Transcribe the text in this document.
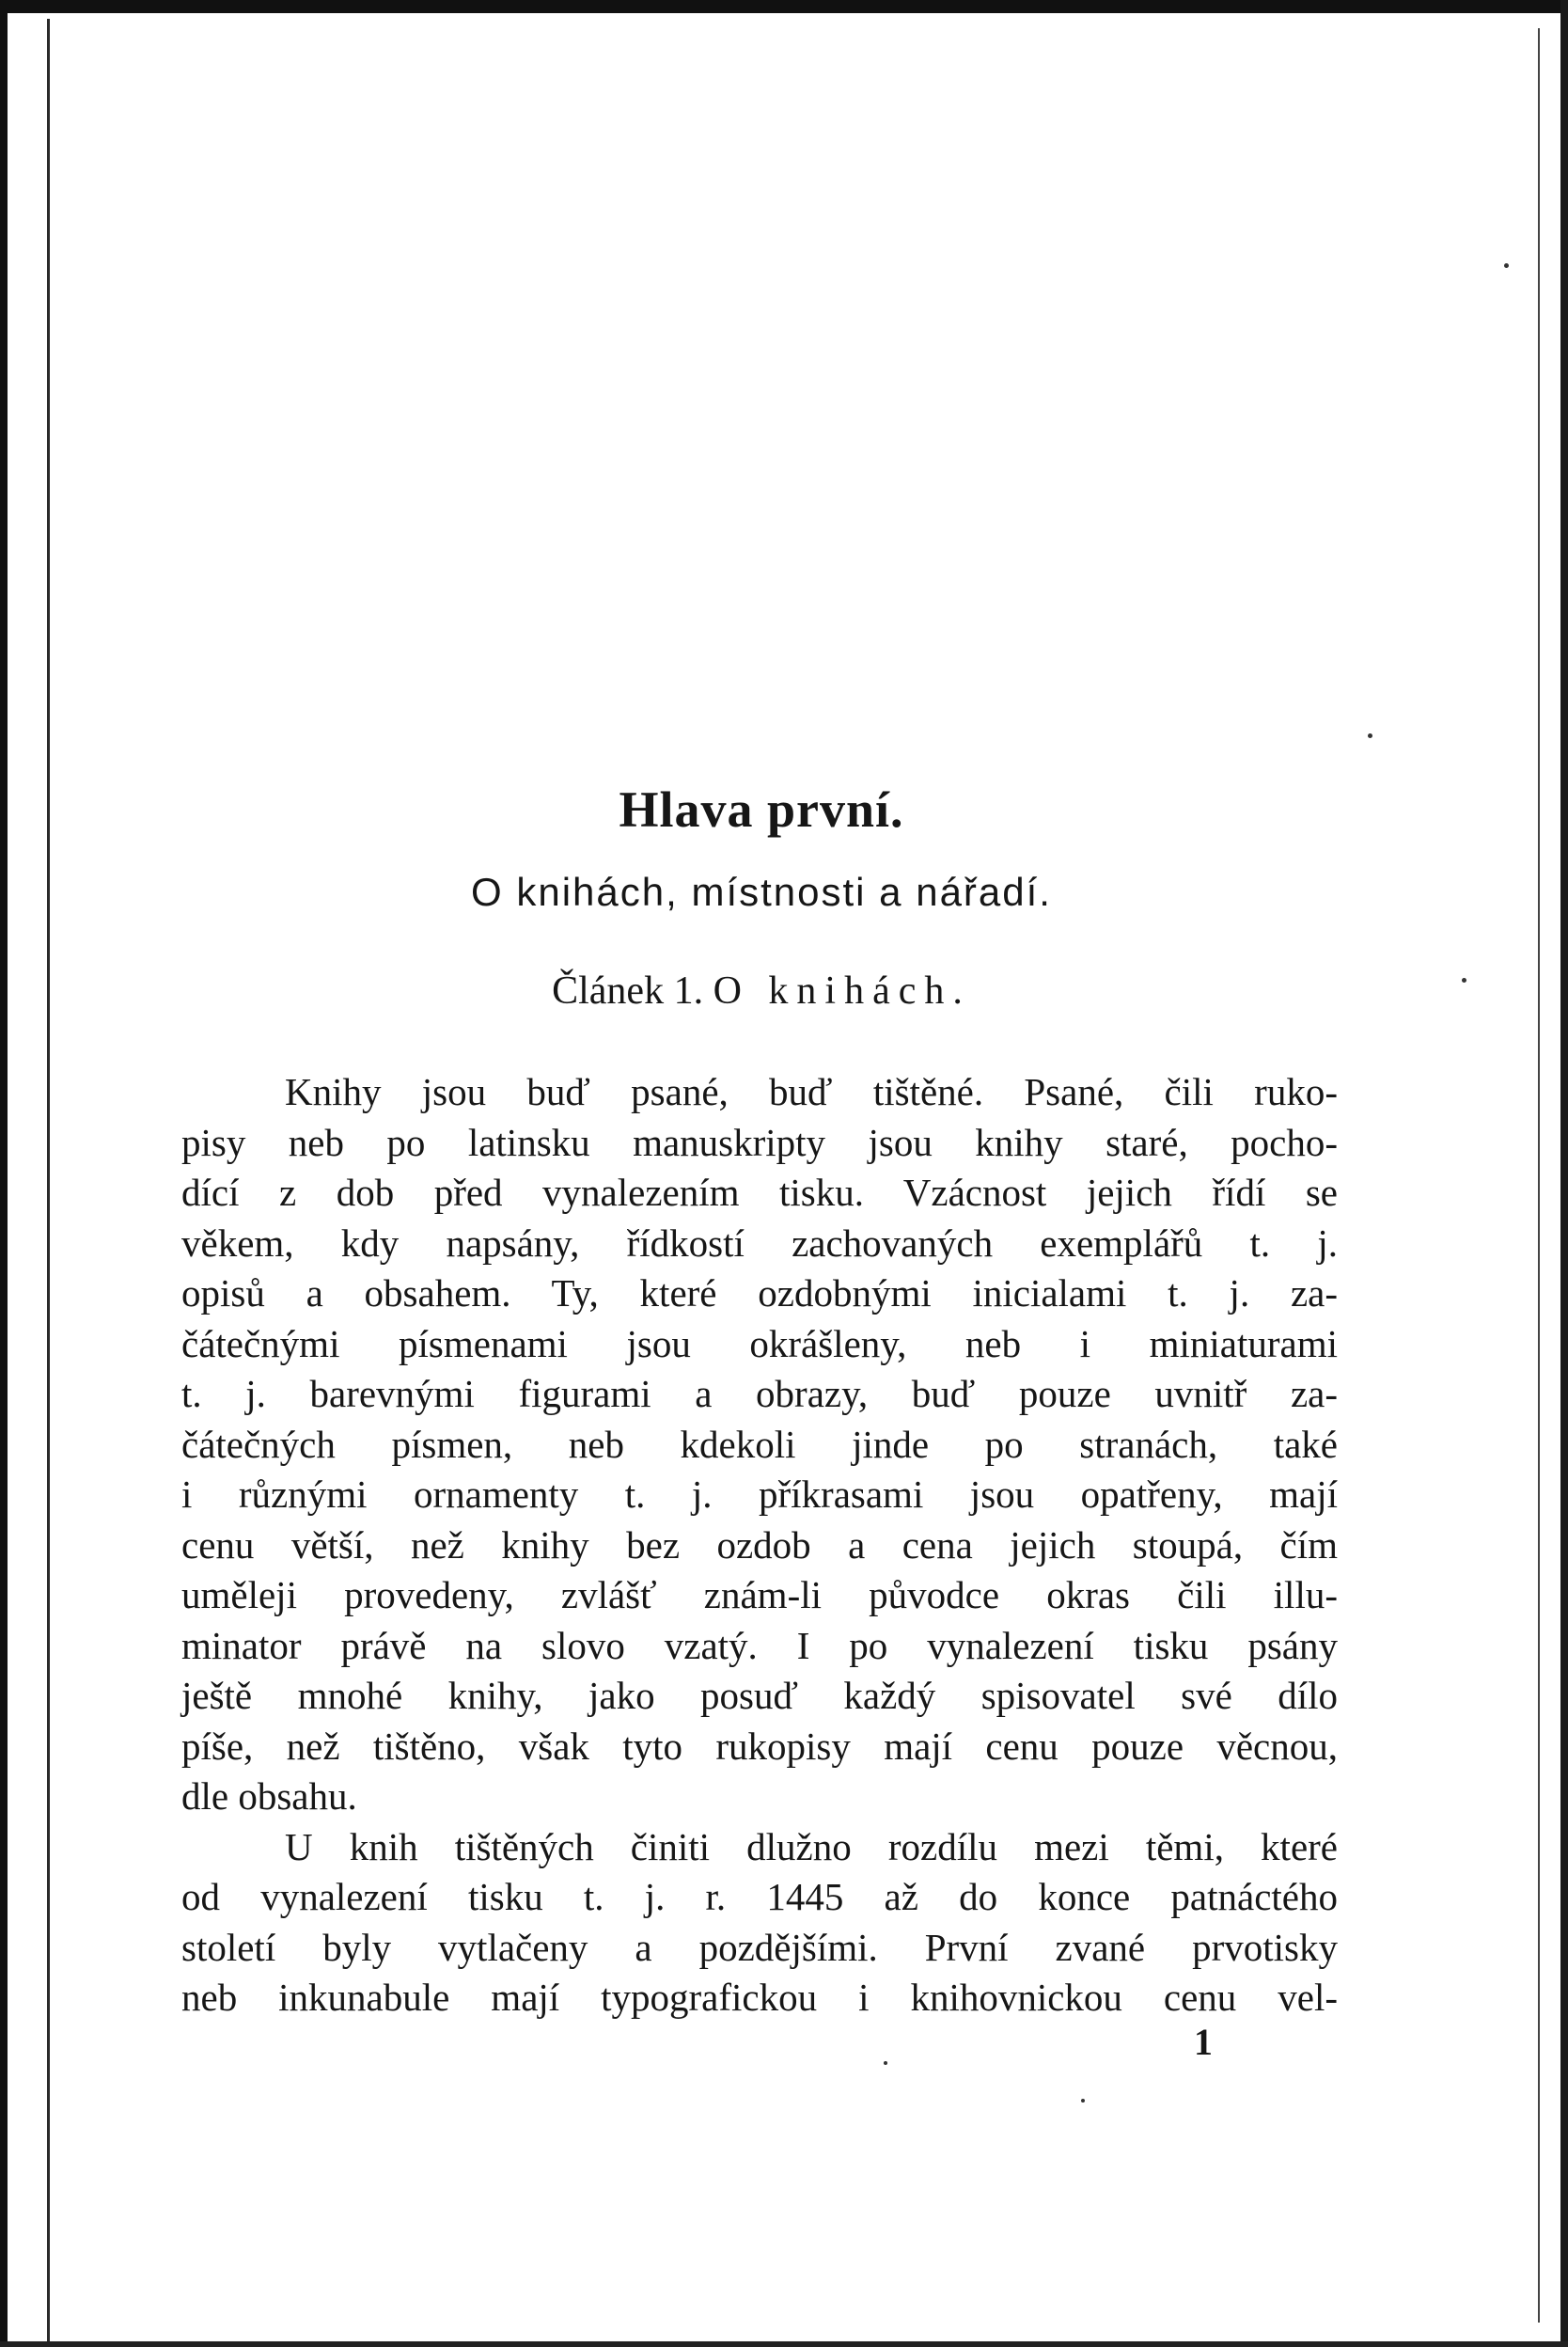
Hlava první.
O knihách, místnosti a nářadí.
Článek 1. O knihách.
Knihy jsou buď psané, buď tištěné. Psané, čili ruko-
pisy neb po latinsku manuskripty jsou knihy staré, pocho-
dící z dob před vynalezením tisku. Vzácnost jejich řídí se
věkem, kdy napsány, řídkostí zachovaných exemplářů t. j.
opisů a obsahem. Ty, které ozdobnými inicialami t. j. za-
čátečnými písmenami jsou okrášleny, neb i miniaturami
t. j. barevnými figurami a obrazy, buď pouze uvnitř za-
čátečných písmen, neb kdekoli jinde po stranách, také
i různými ornamenty t. j. příkrasami jsou opatřeny, mají
cenu větší, než knihy bez ozdob a cena jejich stoupá, čím
uměleji provedeny, zvlášť znám-li původce okras čili illu-
minator právě na slovo vzatý. I po vynalezení tisku psány
ještě mnohé knihy, jako posuď každý spisovatel své dílo
píše, než tištěno, však tyto rukopisy mají cenu pouze věcnou,
dle obsahu.
U knih tištěných činiti dlužno rozdílu mezi těmi, které
od vynalezení tisku t. j. r. 1445 až do konce patnáctého
století byly vytlačeny a pozdějšími. První zvané prvotisky
neb inkunabule mají typografickou i knihovnickou cenu vel-
1
